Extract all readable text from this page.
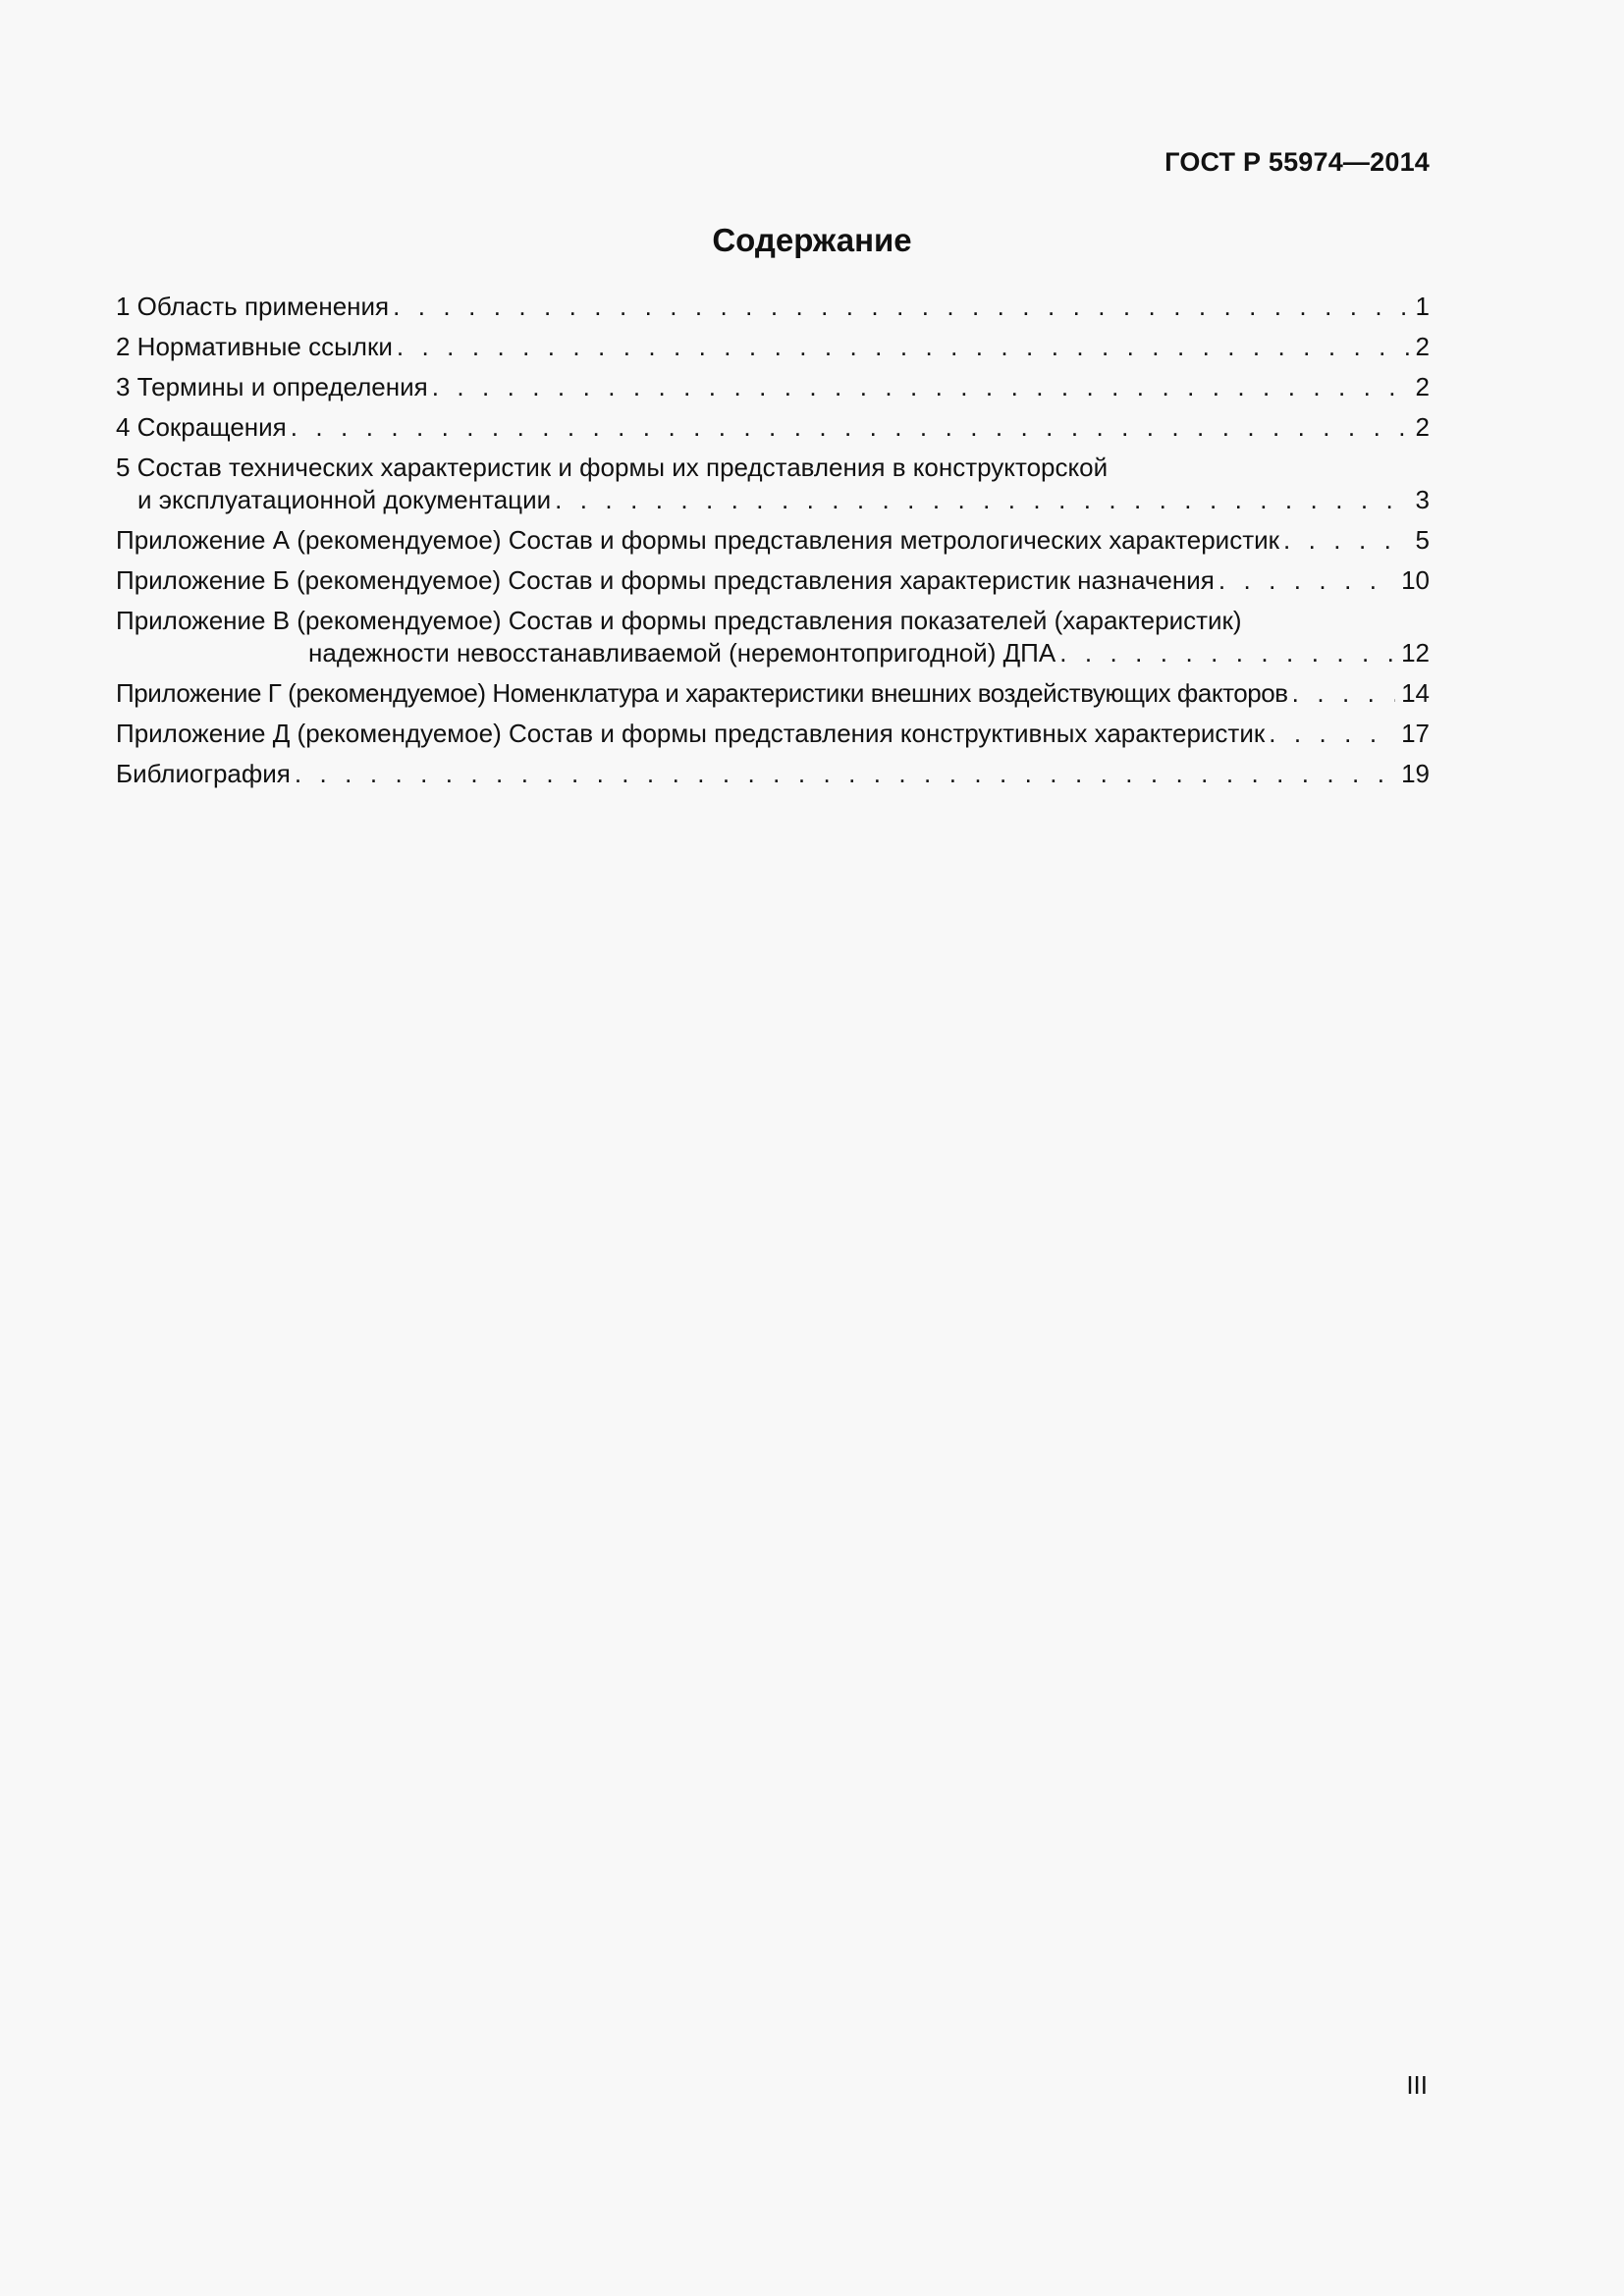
ГОСТ Р 55974—2014
Содержание
1 Область применения . . .	1
2 Нормативные ссылки . . .	2
3 Термины и определения . . .	2
4 Сокращения . . .	2
5 Состав технических характеристик и формы их представления в конструкторской
и эксплуатационной документации . . .	3
Приложение А (рекомендуемое) Состав и формы представления метрологических характеристик . . .	5
Приложение Б (рекомендуемое) Состав и формы представления характеристик назначения . . .	10
Приложение В (рекомендуемое) Состав и формы представления показателей (характеристик)
надежности невосстанавливаемой (неремонтопригодной) ДПА . . .	12
Приложение Г (рекомендуемое) Номенклатура и характеристики внешних воздействующих факторов . . .	14
Приложение Д (рекомендуемое) Состав и формы представления конструктивных характеристик . . .	17
Библиография . . .	19
III
